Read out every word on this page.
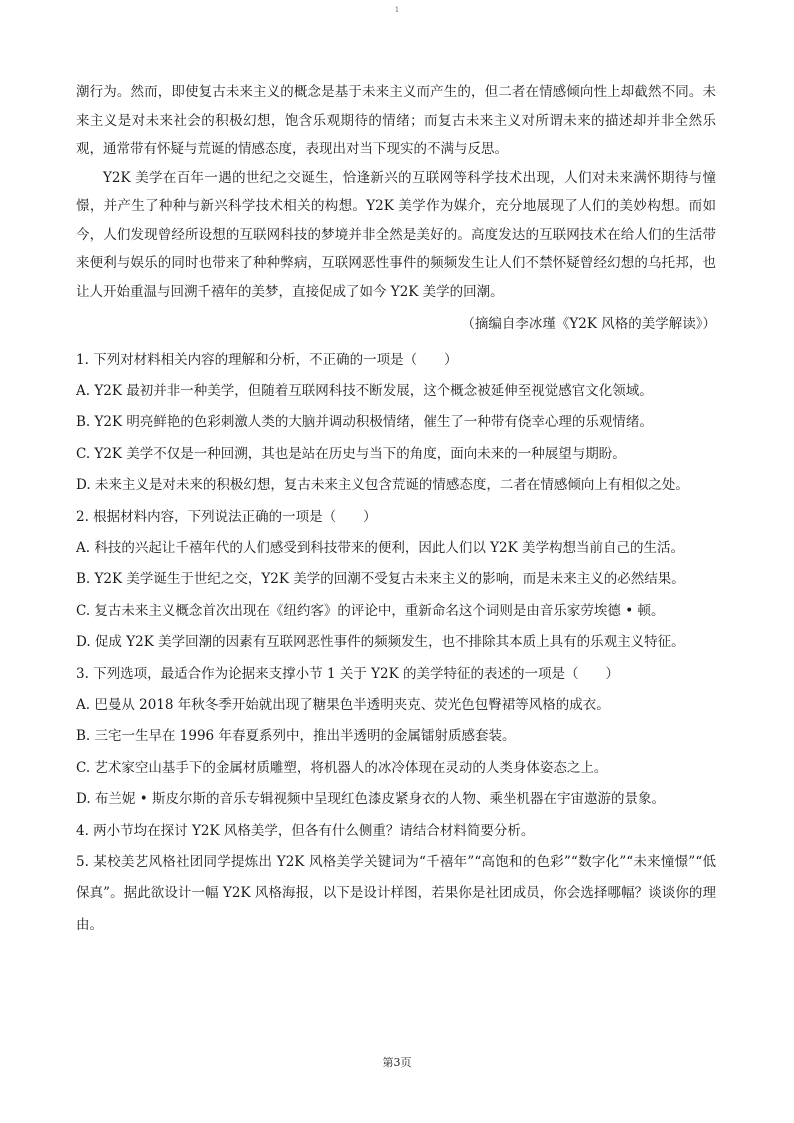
1

潮行为。然而，即使复古未来主义的概念是基于未来主义而产生的，但二者在情感倾向性上却截然不同。未来主义是对未来社会的积极幻想，饱含乐观期待的情绪；而复古未来主义对所谓未来的描述却并非全然乐观，通常带有怀疑与荒诞的情感态度，表现出对当下现实的不满与反思。

Y2K 美学在百年一遇的世纪之交诞生，恰逢新兴的互联网等科学技术出现，人们对未来满怀期待与憧憬，并产生了种种与新兴科学技术相关的构想。Y2K 美学作为媒介，充分地展现了人们的美妙构想。而如今，人们发现曾经所设想的互联网科技的梦境并非全然是美好的。高度发达的互联网技术在给人们的生活带来便利与娱乐的同时也带来了种种弊病，互联网恶性事件的频频发生让人们不禁怀疑曾经幻想的乌托邦，也让人开始重温与回溯千禧年的美梦，直接促成了如今 Y2K 美学的回潮。

（摘编自李冰瑾《Y2K 风格的美学解读》）

1. 下列对材料相关内容的理解和分析，不正确的一项是（　　）

A. Y2K 最初并非一种美学，但随着互联网科技不断发展，这个概念被延伸至视觉感官文化领域。

B. Y2K 明亮鲜艳的色彩刺激人类的大脑并调动积极情绪，催生了一种带有侥幸心理的乐观情绪。

C. Y2K 美学不仅是一种回溯，其也是站在历史与当下的角度，面向未来的一种展望与期盼。

D. 未来主义是对未来的积极幻想，复古未来主义包含荒诞的情感态度，二者在情感倾向上有相似之处。

2. 根据材料内容，下列说法正确的一项是（　　）

A. 科技的兴起让千禧年代的人们感受到科技带来的便利，因此人们以 Y2K 美学构想当前自己的生活。

B. Y2K 美学诞生于世纪之交，Y2K 美学的回潮不受复古未来主义的影响，而是未来主义的必然结果。

C. 复古未来主义概念首次出现在《纽约客》的评论中，重新命名这个词则是由音乐家劳埃德 • 顿。

D. 促成 Y2K 美学回潮的因素有互联网恶性事件的频频发生，也不排除其本质上具有的乐观主义特征。

3. 下列选项，最适合作为论据来支撑小节 1 关于 Y2K 的美学特征的表述的一项是（　　）

A. 巴曼从 2018 年秋冬季开始就出现了糖果色半透明夹克、荧光色包臀裙等风格的成衣。

B. 三宅一生早在 1996 年春夏系列中，推出半透明的金属镭射质感套装。

C. 艺术家空山基手下的金属材质雕塑，将机器人的冰冷体现在灵动的人类身体姿态之上。

D. 布兰妮 • 斯皮尔斯的音乐专辑视频中呈现红色漆皮紧身衣的人物、乘坐机器在宇宙遨游的景象。

4. 两小节均在探讨 Y2K 风格美学，但各有什么侧重？请结合材料简要分析。

5. 某校美艺风格社团同学提炼出 Y2K 风格美学关键词为“千禧年”“高饱和的色彩”“数字化”“未来憧憬”“低保真”。据此欲设计一幅 Y2K 风格海报，以下是设计样图，若果你是社团成员，你会选择哪幅？谈谈你的理由。

第3页
